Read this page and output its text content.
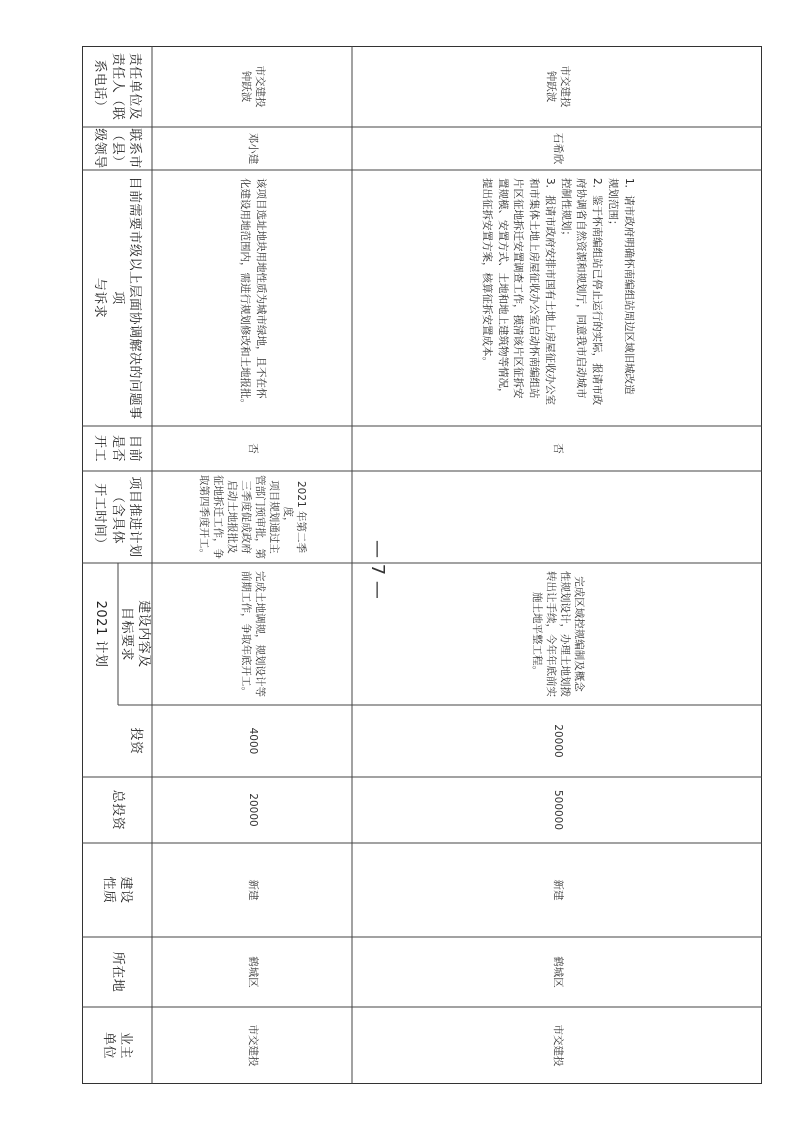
责任单位及
责任人（联
系电话）
联系市
（县）
级领导
目前需要市级以上层面协调解决的问题事项
与诉求
目前
是否
开工
项目推进计划
（含具体
开工时间）
2021 计划 建设内容及
目标要求
投资
总投资
建设
性质
所在地
业主
单位
市交建投
钟跃波
邓小建

该项目选址地块用地性质为城市绿地，且不在怀

化建设用地范围内，需进行规划修改和土地报批。

否
2021 年第二季度，
项目规划通过主
管部门预审批，第
三季度促成政府
启动土地报批及
征地拆迁工作，争
取第四季度开工。
完成土地调规，规划设计等
前期工作，争取年底开工。
4000
20000
新建
鹤城区
市交建投
市交建投
钟跃波
石希欣

1．请市政府明确怀南编组站周边区域旧城改造

规划范围；

2．鉴于怀南编组站已停止运行的实际，报请市政

府协调省自然资源和规划厅，同意我市启动城市

控制性规划；

3．报请市政府安排市国有土地上房屋征收办公室

和市集体土地上房屋征收办公室启动怀南编组站

片区征地拆迁安置调查工作，摸清该片区征拆安

置规模、安置方式、土地和地上建筑物等情况，

提出征拆安置方案，核算征拆安置成本。

否
完成区域控规编制及概念
性规划设计，办理土地划拨
转出让手续，今年年底前实
施土地平整工程。
20000
500000
新建
鹤城区
市交建投
— 7 —
